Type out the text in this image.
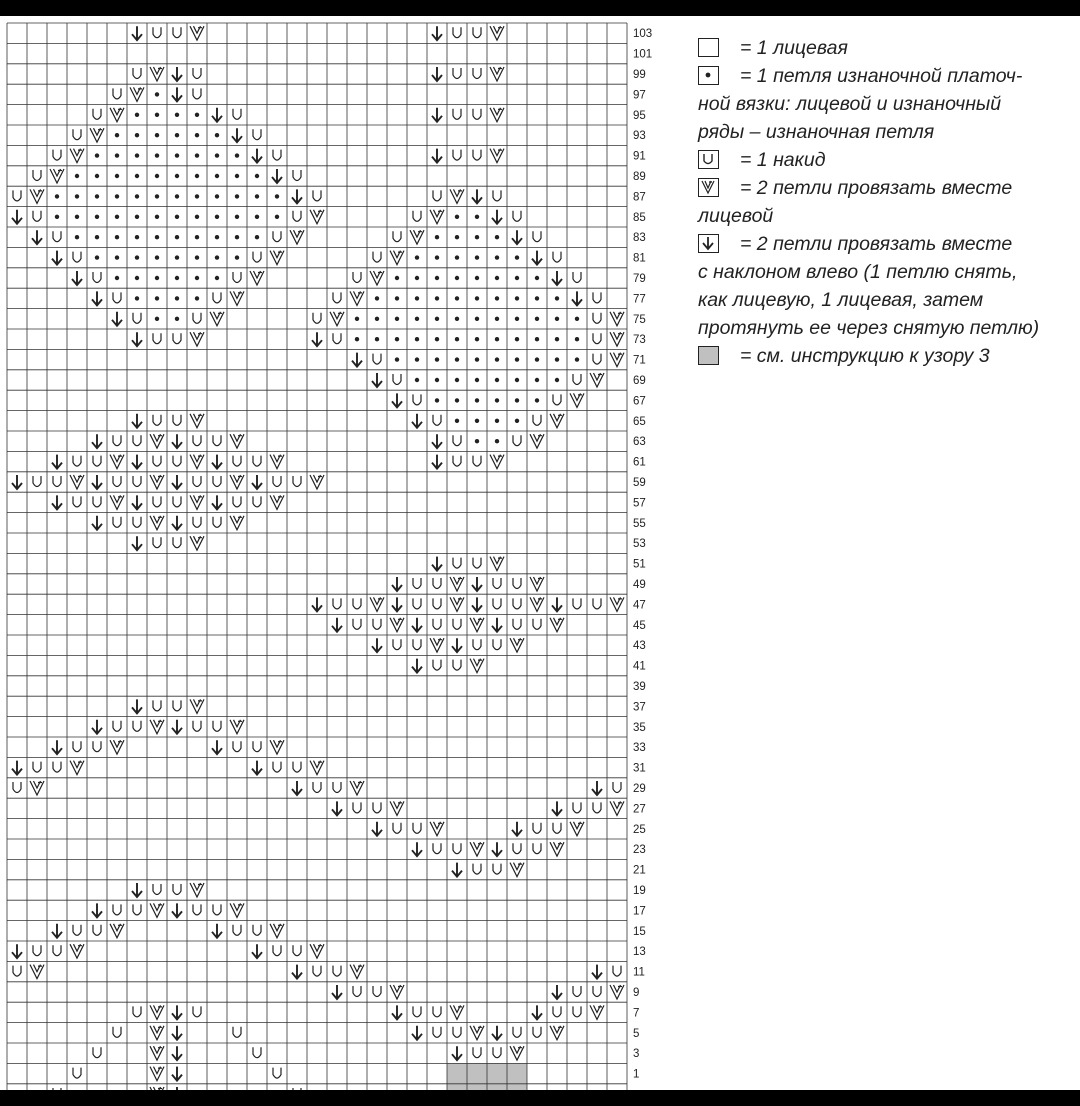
103
101
99
97
95
93
91
89
87
85
83
81
79
77
75
73
71
69
67
65
63
61
59
57
55
53
51
49
47
45
43
41
39
37
35
33
31
29
27
25
23
21
19
17
15
13
11
9
7
5
3
1
= 1 лицевая
= 1 петля изнаночной платоч-
ной вязки: лицевой и изнаночный
ряды – изнаночная петля
= 1 накид
= 2 петли провязать вместе
лицевой
= 2 петли провязать вместе
с наклоном влево (1 петлю снять,
как лицевую, 1 лицевая, затем
протянуть ее через снятую петлю)
= см. инструкцию к узору 3
